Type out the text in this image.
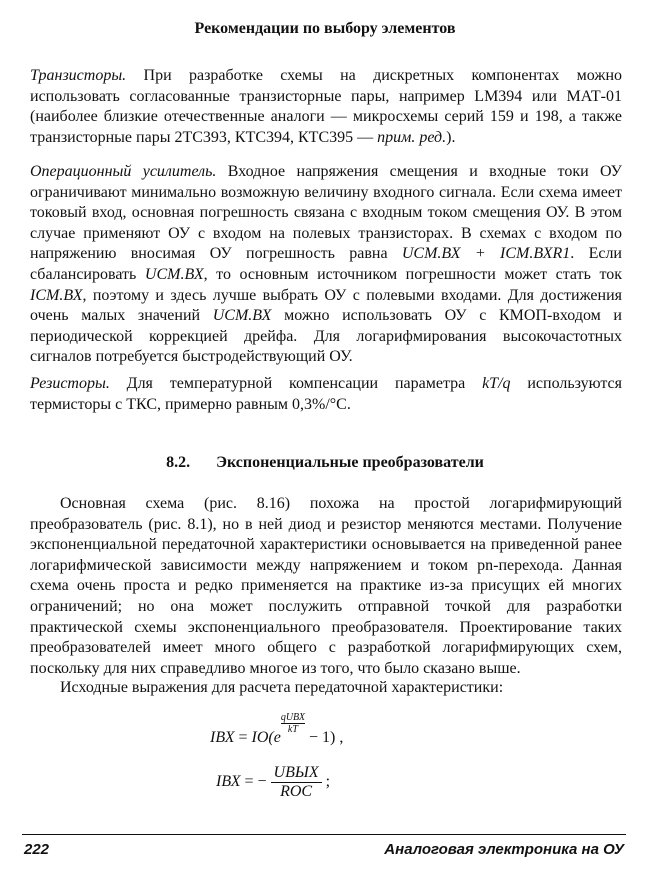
Рекомендации по выбору элементов

Транзисторы. При разработке схемы на дискретных компонентах можно использовать согласованные транзисторные пары, например LM394 или МАТ-01 (наиболее близкие отечественные аналоги — микросхемы серий 159 и 198, а также транзисторные пары 2ТС393, КТС394, КТС395 — прим. ред.).

Операционный усилитель. Входное напряжения смещения и входные токи ОУ ограничивают минимально возможную величину входного сигнала. Если схема имеет токовый вход, основная погрешность связана с входным током смещения ОУ. В этом случае применяют ОУ с входом на полевых транзисторах. В схемах с входом по напряжению вносимая ОУ погрешность равна UСМ.ВХ + IСМ.ВХR1. Если сбалансировать UСМ.ВХ, то основным источником погрешности может стать ток IСМ.ВХ, поэтому и здесь лучше выбрать ОУ с полевыми входами. Для достижения очень малых значений UСМ.ВХ можно использовать ОУ с КМОП-входом и периодической коррекцией дрейфа. Для логарифмирования высокочастотных сигналов потребуется быстродействующий ОУ.

Резисторы. Для температурной компенсации параметра kT/q используются термисторы с ТКС, примерно равным 0,3%/°С.

8.2. Экспоненциальные преобразователи

Основная схема (рис. 8.16) похожа на простой логарифмирующий преобразователь (рис. 8.1), но в ней диод и резистор меняются местами. Получение экспоненциальной передаточной характеристики основывается на приведенной ранее логарифмической зависимости между напряжением и током pn-перехода. Данная схема очень проста и редко применяется на практике из-за присущих ей многих ограничений; но она может послужить отправной точкой для разработки практической схемы экспоненциального преобразователя. Проектирование таких преобразователей имеет много общего с разработкой логарифмирующих схем, поскольку для них справедливо многое из того, что было сказано выше.

Исходные выражения для расчета передаточной характеристики:

IВХ = IО(e
qUВХ
kT − 1) ,
IВХ = − $\frac{\text{UВЫХ}}{\text{RОС}}$ ;
222	Аналоговая электроника на ОУ
